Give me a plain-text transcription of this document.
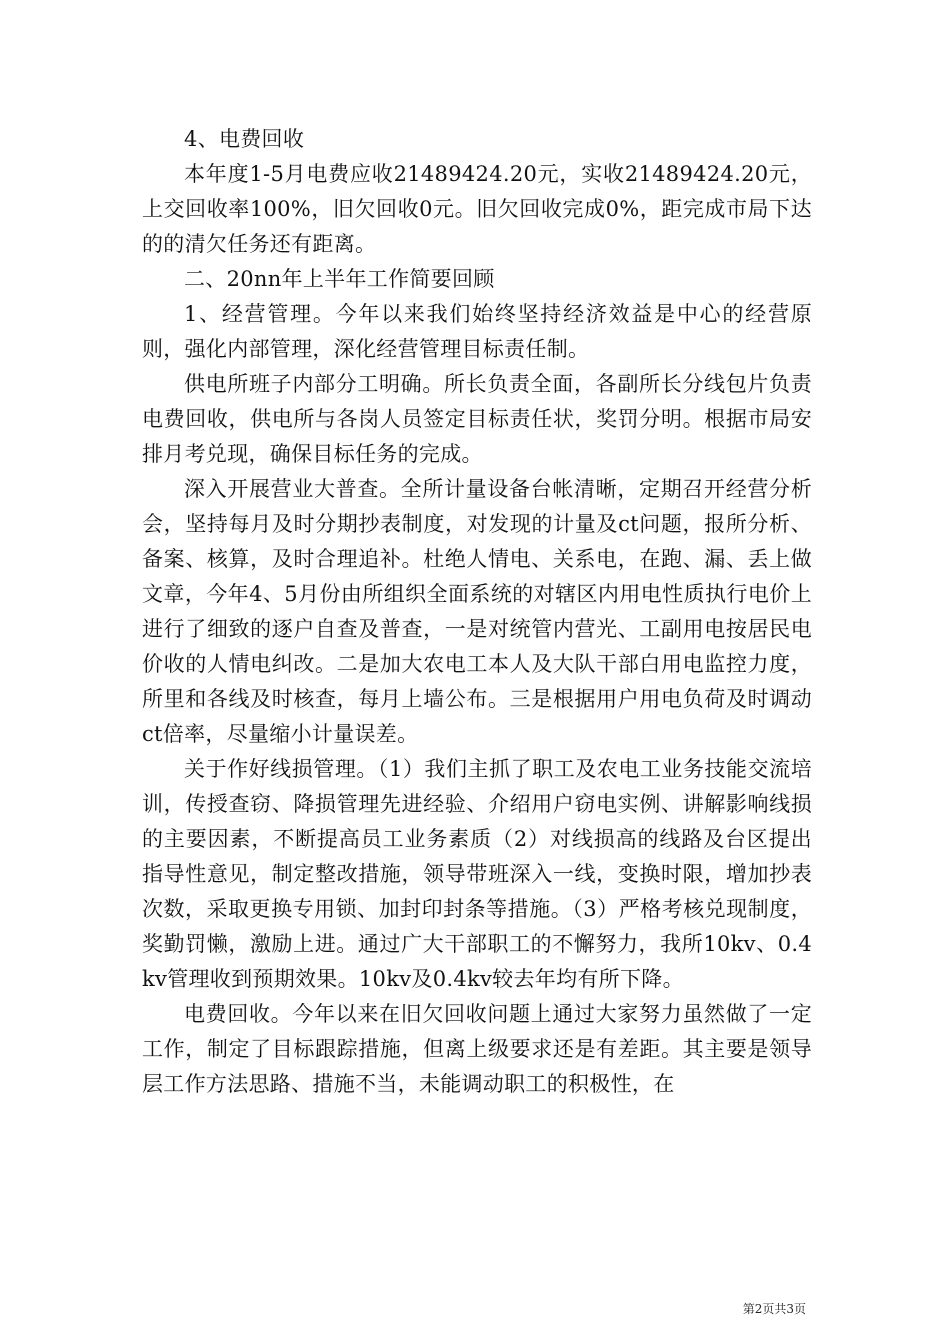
4、电费回收

本年度1-5月电费应收21489424.20元，实收21489424.20元，上交回收率100%，旧欠回收0元。旧欠回收完成0%，距完成市局下达的的清欠任务还有距离。

二、20nn年上半年工作简要回顾

1、经营管理。今年以来我们始终坚持经济效益是中心的经营原则，强化内部管理，深化经营管理目标责任制。

供电所班子内部分工明确。所长负责全面，各副所长分线包片负责电费回收，供电所与各岗人员签定目标责任状，奖罚分明。根据市局安排月考兑现，确保目标任务的完成。

深入开展营业大普查。全所计量设备台帐清晰，定期召开经营分析会，坚持每月及时分期抄表制度，对发现的计量及ct问题，报所分析、备案、核算，及时合理追补。杜绝人情电、关系电，在跑、漏、丢上做文章，今年4、5月份由所组织全面系统的对辖区内用电性质执行电价上进行了细致的逐户自查及普查，一是对统管内营光、工副用电按居民电价收的人情电纠改。二是加大农电工本人及大队干部白用电监控力度，所里和各线及时核查，每月上墙公布。三是根据用户用电负荷及时调动ct倍率，尽量缩小计量误差。

关于作好线损管理。（1）我们主抓了职工及农电工业务技能交流培训，传授查窃、降损管理先进经验、介绍用户窃电实例、讲解影响线损的主要因素，不断提高员工业务素质（2）对线损高的线路及台区提出指导性意见，制定整改措施，领导带班深入一线，变换时限，增加抄表次数，采取更换专用锁、加封印封条等措施。（3）严格考核兑现制度，奖勤罚懒，激励上进。通过广大干部职工的不懈努力，我所10kv、0.4kv管理收到预期效果。10kv及0.4kv较去年均有所下降。

电费回收。今年以来在旧欠回收问题上通过大家努力虽然做了一定工作，制定了目标跟踪措施，但离上级要求还是有差距。其主要是领导层工作方法思路、措施不当，未能调动职工的积极性，在

第2页共3页
